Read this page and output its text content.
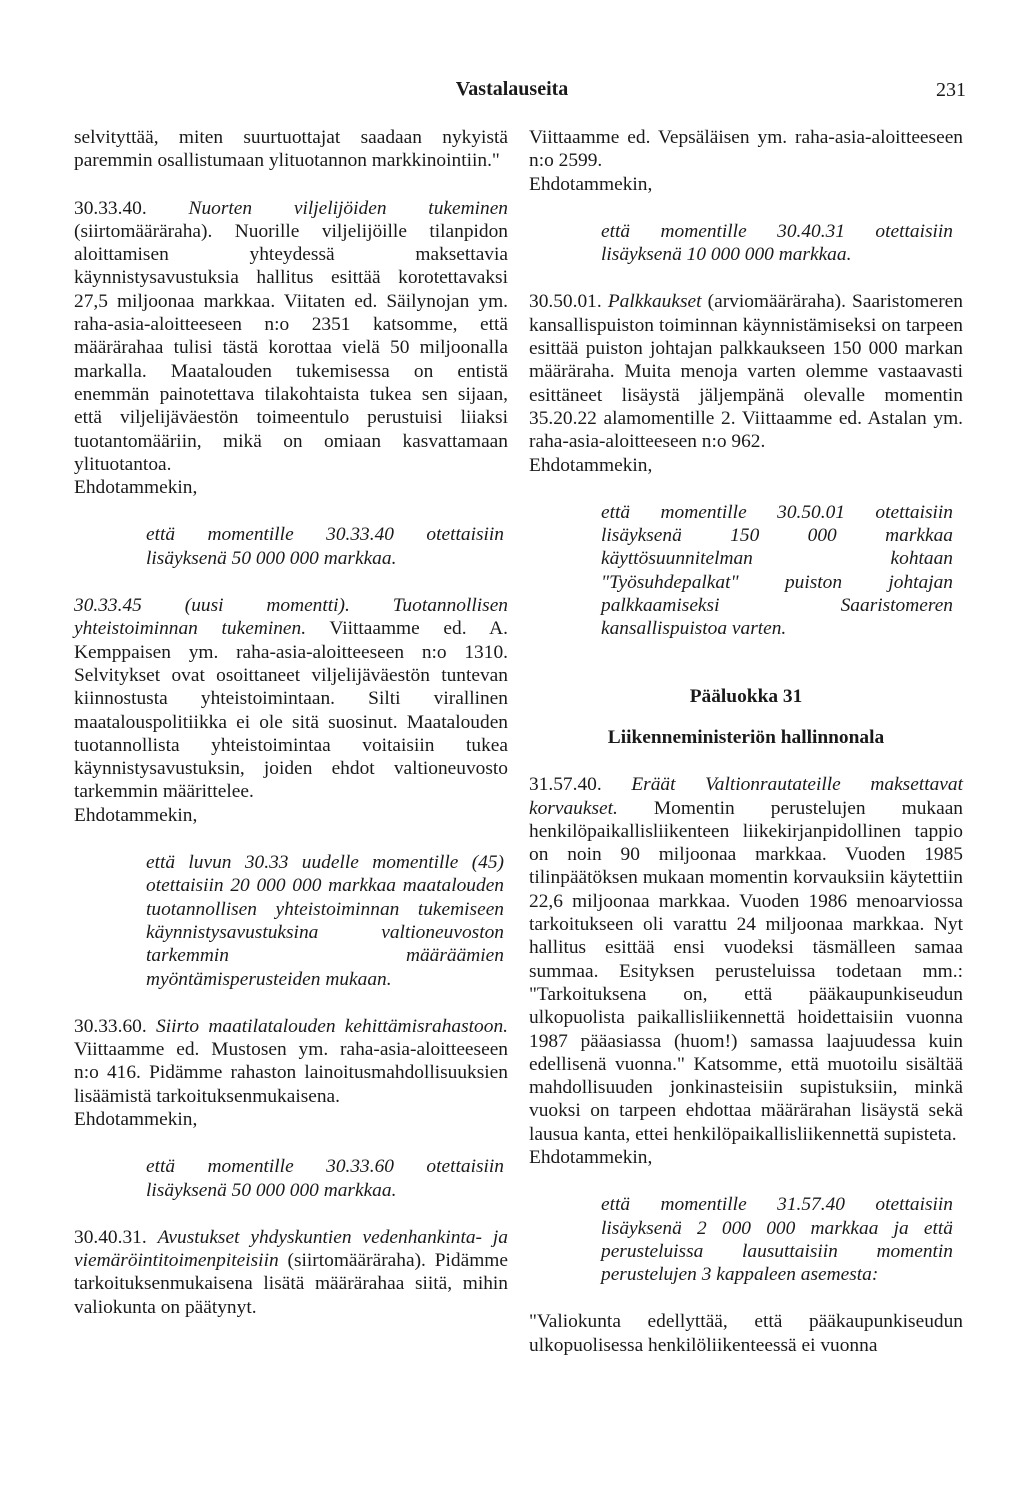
Vastalauseita	231

selvityttää, miten suurtuottajat saadaan nykyistä paremmin osallistumaan ylituotannon markkinointiin."

30.33.40. Nuorten viljelijöiden tukeminen (siirtomääräraha). Nuorille viljelijöille tilanpidon aloittamisen yhteydessä maksettavia käynnistysavustuksia hallitus esittää korotettavaksi 27,5 miljoonaa markkaa. Viitaten ed. Säilynojan ym. raha-asia-aloitteeseen n:o 2351 katsomme, että määrärahaa tulisi tästä korottaa vielä 50 miljoonalla markalla. Maatalouden tukemisessa on entistä enemmän painotettava tilakohtaista tukea sen sijaan, että viljelijäväestön toimeentulo perustuisi liiaksi tuotantomääriin, mikä on omiaan kasvattamaan ylituotantoa.

Ehdotammekin,

että momentille 30.33.40 otettaisiin lisäyksenä 50 000 000 markkaa.

30.33.45 (uusi momentti). Tuotannollisen yhteistoiminnan tukeminen. Viittaamme ed. A. Kemppaisen ym. raha-asia-aloitteeseen n:o 1310. Selvitykset ovat osoittaneet viljelijäväestön tuntevan kiinnostusta yhteistoimintaan. Silti virallinen maatalouspolitiikka ei ole sitä suosinut. Maatalouden tuotannollista yhteistoimintaa voitaisiin tukea käynnistysavustuksin, joiden ehdot valtioneuvosto tarkemmin määrittelee.

Ehdotammekin,

että luvun 30.33 uudelle momentille (45) otettaisiin 20 000 000 markkaa maatalouden tuotannollisen yhteistoiminnan tukemiseen käynnistysavustuksina valtioneuvoston tarkemmin määräämien myöntämisperusteiden mukaan.

30.33.60. Siirto maatilatalouden kehittämisrahastoon. Viittaamme ed. Mustosen ym. raha-asia-aloitteeseen n:o 416. Pidämme rahaston lainoitusmahdollisuuksien lisäämistä tarkoituksenmukaisena.

Ehdotammekin,

että momentille 30.33.60 otettaisiin lisäyksenä 50 000 000 markkaa.

30.40.31. Avustukset yhdyskuntien vedenhankinta- ja viemäröintitoimenpiteisiin (siirtomääräraha). Pidämme tarkoituksenmukaisena lisätä määrärahaa siitä, mihin valiokunta on päätynyt.

Viittaamme ed. Vepsäläisen ym. raha-asia-aloitteeseen n:o 2599.

Ehdotammekin,

että momentille 30.40.31 otettaisiin lisäyksenä 10 000 000 markkaa.

30.50.01. Palkkaukset (arviomääräraha). Saaristomeren kansallispuiston toiminnan käynnistämiseksi on tarpeen esittää puiston johtajan palkkaukseen 150 000 markan määräraha. Muita menoja varten olemme vastaavasti esittäneet lisäystä jäljempänä olevalle momentin 35.20.22 alamomentille 2. Viittaamme ed. Astalan ym. raha-asia-aloitteeseen n:o 962.

Ehdotammekin,

että momentille 30.50.01 otettaisiin lisäyksenä 150 000 markkaa käyttösuunnitelman kohtaan "Työsuhdepalkat" puiston johtajan palkkaamiseksi Saaristomeren kansallispuistoa varten.

Pääluokka 31

Liikenneministeriön hallinnonala

31.57.40. Eräät Valtionrautateille maksettavat korvaukset. Momentin perustelujen mukaan henkilöpaikallisliikenteen liikekirjanpidollinen tappio on noin 90 miljoonaa markkaa. Vuoden 1985 tilinpäätöksen mukaan momentin korvauksiin käytettiin 22,6 miljoonaa markkaa. Vuoden 1986 menoarviossa tarkoitukseen oli varattu 24 miljoonaa markkaa. Nyt hallitus esittää ensi vuodeksi täsmälleen samaa summaa. Esityksen perusteluissa todetaan mm.: "Tarkoituksena on, että pääkaupunkiseudun ulkopuolista paikallisliikennettä hoidettaisiin vuonna 1987 pääasiassa (huom!) samassa laajuudessa kuin edellisenä vuonna." Katsomme, että muotoilu sisältää mahdollisuuden jonkinasteisiin supistuksiin, minkä vuoksi on tarpeen ehdottaa määrärahan lisäystä sekä lausua kanta, ettei henkilöpaikallisliikennettä supisteta.

Ehdotammekin,

että momentille 31.57.40 otettaisiin lisäyksenä 2 000 000 markkaa ja että perusteluissa lausuttaisiin momentin perustelujen 3 kappaleen asemesta:

"Valiokunta edellyttää, että pääkaupunkiseudun ulkopuolisessa henkilöliikenteessä ei vuonna
